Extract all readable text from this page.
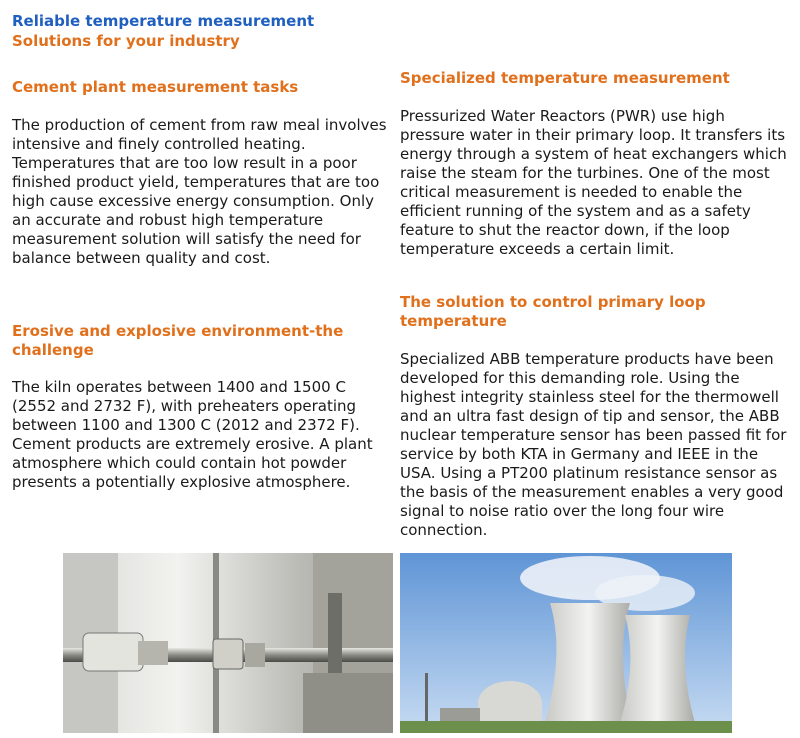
Reliable temperature measurement
Solutions for your industry
Cement plant measurement tasks
The production of cement from raw meal involves intensive and finely controlled heating. Temperatures that are too low result in a poor finished product yield, temperatures that are too high cause excessive energy consumption. Only an accurate and robust high temperature measurement solution will satisfy the need for balance between quality and cost.
Erosive and explosive environment-the challenge
The kiln operates between 1400 and 1500 C (2552 and 2732 F), with preheaters operating between 1100 and 1300 C (2012 and 2372 F). Cement products are extremely erosive. A plant atmosphere which could contain hot powder presents a potentially explosive atmosphere.
Specialized temperature measurement
Pressurized Water Reactors (PWR) use high pressure water in their primary loop. It transfers its energy through a system of heat exchangers which raise the steam for the turbines. One of the most critical measurement is needed to enable the efficient running of the system and as a safety feature to shut the reactor down, if the loop temperature exceeds a certain limit.
The solution to control primary loop temperature
Specialized ABB temperature products have been developed for this demanding role. Using the highest integrity stainless steel for the thermowell and an ultra fast design of tip and sensor, the ABB nuclear temperature sensor has been passed fit for service by both KTA in Germany and IEEE in the USA. Using a PT200 platinum resistance sensor as the basis of the measurement enables a very good signal to noise ratio over the long four wire connection.
